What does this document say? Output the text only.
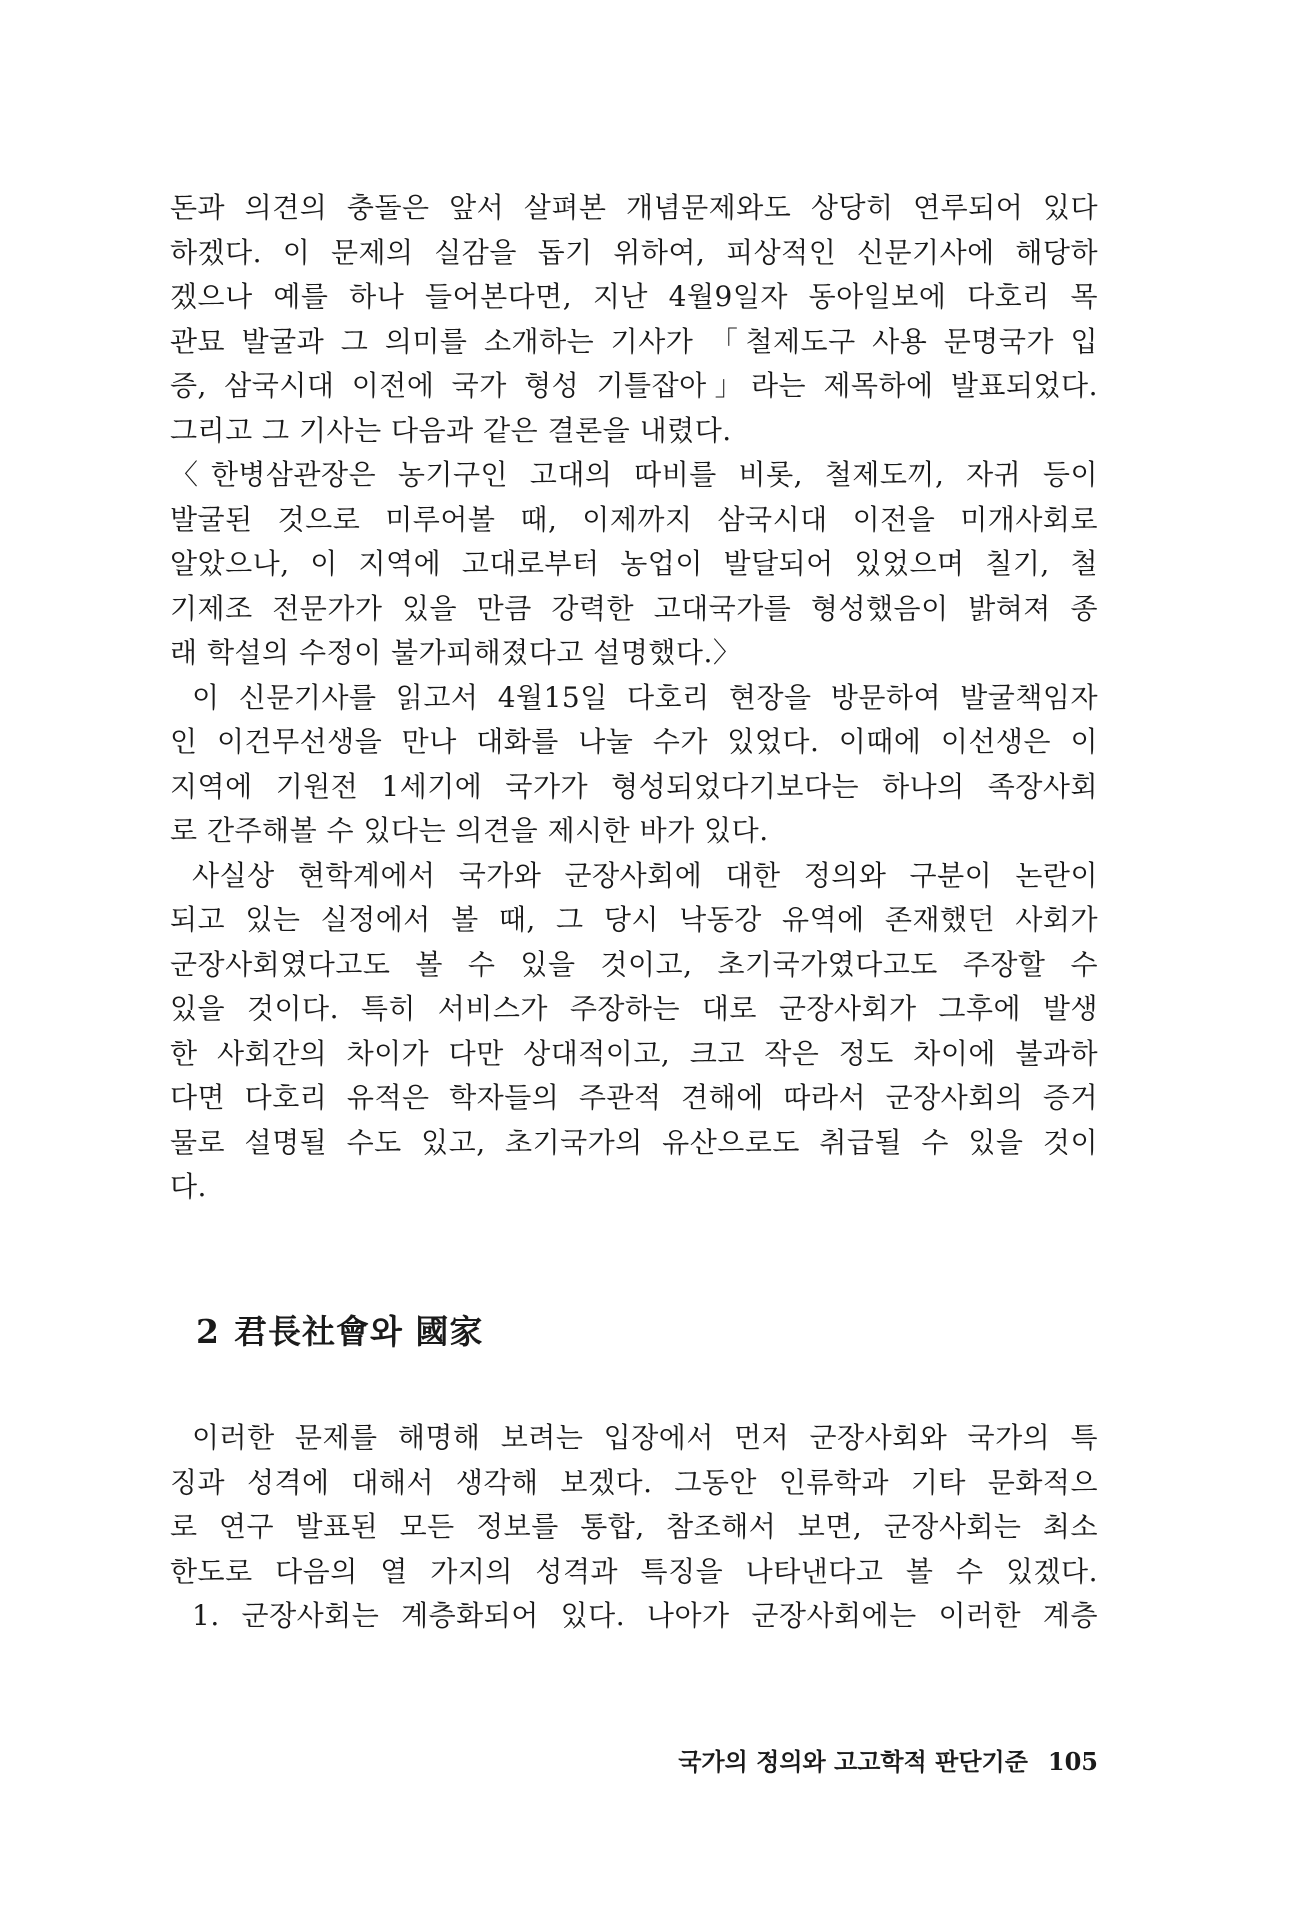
돈과 의견의 충돌은 앞서 살펴본 개념문제와도 상당히 연루되어 있다
하겠다. 이 문제의 실감을 돕기 위하여, 피상적인 신문기사에 해당하
겠으나 예를 하나 들어본다면, 지난 4월9일자 동아일보에 다호리 목
관묘 발굴과 그 의미를 소개하는 기사가 「철제도구 사용 문명국가 입
증, 삼국시대 이전에 국가 형성 기틀잡아」라는 제목하에 발표되었다.
그리고 그 기사는 다음과 같은 결론을 내렸다.
〈한병삼관장은 농기구인 고대의 따비를 비롯, 철제도끼, 자귀 등이
발굴된 것으로 미루어볼 때, 이제까지 삼국시대 이전을 미개사회로
알았으나, 이 지역에 고대로부터 농업이 발달되어 있었으며 칠기, 철
기제조 전문가가 있을 만큼 강력한 고대국가를 형성했음이 밝혀져 종
래 학설의 수정이 불가피해졌다고 설명했다.〉
이 신문기사를 읽고서 4월15일 다호리 현장을 방문하여 발굴책임자
인 이건무선생을 만나 대화를 나눌 수가 있었다. 이때에 이선생은 이
지역에 기원전 1세기에 국가가 형성되었다기보다는 하나의 족장사회
로 간주해볼 수 있다는 의견을 제시한 바가 있다.
사실상 현학계에서 국가와 군장사회에 대한 정의와 구분이 논란이
되고 있는 실정에서 볼 때, 그 당시 낙동강 유역에 존재했던 사회가
군장사회였다고도 볼 수 있을 것이고, 초기국가였다고도 주장할 수
있을 것이다. 특히 서비스가 주장하는 대로 군장사회가 그후에 발생
한 사회간의 차이가 다만 상대적이고, 크고 작은 정도 차이에 불과하
다면 다호리 유적은 학자들의 주관적 견해에 따라서 군장사회의 증거
물로 설명될 수도 있고, 초기국가의 유산으로도 취급될 수 있을 것이
다.
2 君長社會와 國家
이러한 문제를 해명해 보려는 입장에서 먼저 군장사회와 국가의 특
징과 성격에 대해서 생각해 보겠다. 그동안 인류학과 기타 문화적으
로 연구 발표된 모든 정보를 통합, 참조해서 보면, 군장사회는 최소
한도로 다음의 열 가지의 성격과 특징을 나타낸다고 볼 수 있겠다.
1. 군장사회는 계층화되어 있다. 나아가 군장사회에는 이러한 계층
국가의 정의와 고고학적 판단기준 105
